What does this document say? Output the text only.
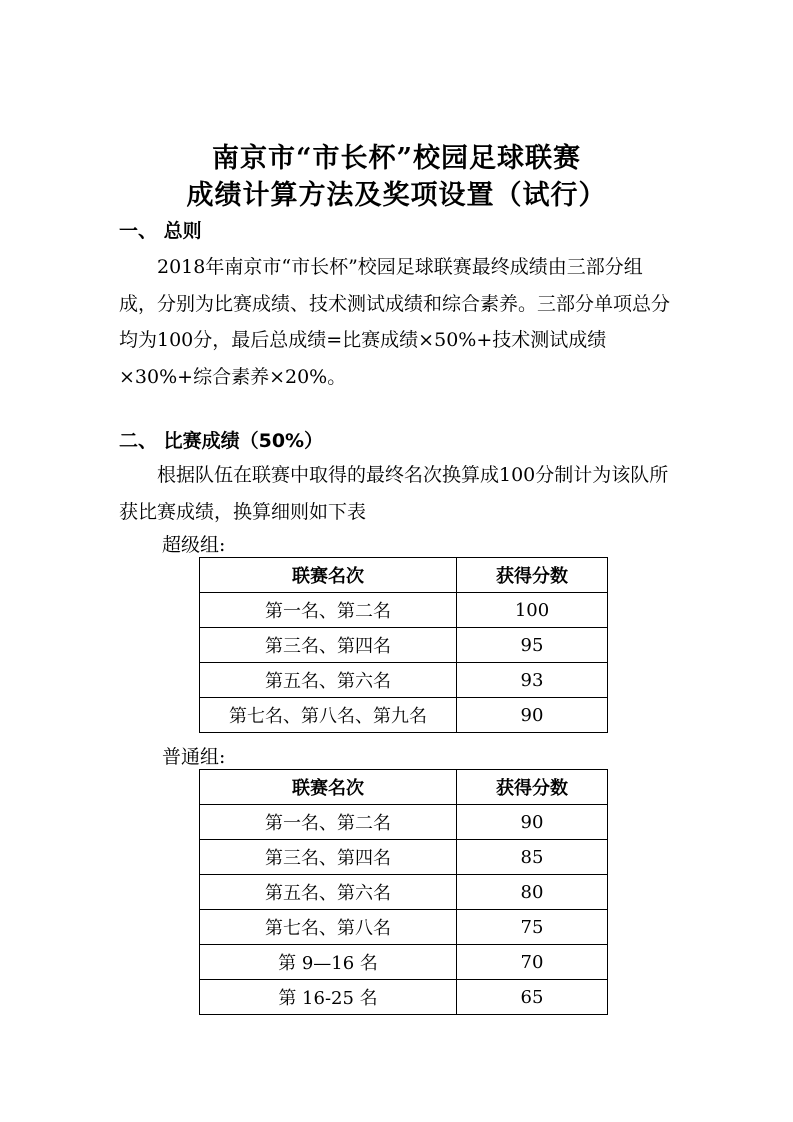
南京市“市长杯”校园足球联赛
成绩计算方法及奖项设置（试行）
一、 总则

2018年南京市“市长杯”校园足球联赛最终成绩由三部分组成，分别为比赛成绩、技术测试成绩和综合素养。三部分单项总分均为100分，最后总成绩=比赛成绩×50%+技术测试成绩×30%+综合素养×20%。

二、 比赛成绩（50%）

根据队伍在联赛中取得的最终名次换算成100分制计为该队所获比赛成绩，换算细则如下表

超级组:

联赛名次	获得分数
第一名、第二名	100
第三名、第四名	95
第五名、第六名	93
第七名、第八名、第九名	90

普通组:

联赛名次	获得分数
第一名、第二名	90
第三名、第四名	85
第五名、第六名	80
第七名、第八名	75
第 9—16 名	70
第 16-25 名	65
